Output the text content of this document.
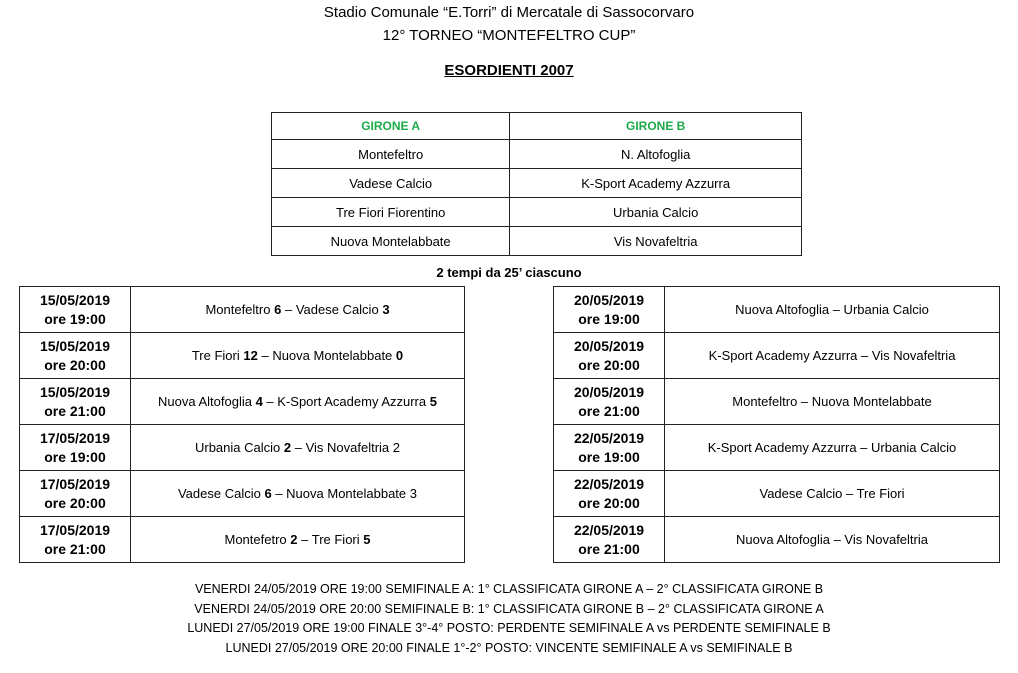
Stadio Comunale “E.Torri” di Mercatale di Sassocorvaro
12° TORNEO “MONTEFELTRO CUP”
ESORDIENTI 2007
GIRONE A	GIRONE B
Montefeltro	N. Altofoglia
Vadese Calcio	K-Sport Academy Azzurra
Tre Fiori Fiorentino	Urbania Calcio
Nuova Montelabbate	Vis Novafeltria
2 tempi da 25’ ciascuno
15/05/2019
ore 19:00	Montefeltro 6 – Vadese Calcio 3

15/05/2019
ore 20:00	Tre Fiori 12 – Nuova Montelabbate 0

15/05/2019
ore 21:00	Nuova Altofoglia 4 – K-Sport Academy Azzurra 5

17/05/2019
ore 19:00	Urbania Calcio 2 – Vis Novafeltria 2

17/05/2019
ore 20:00	Vadese Calcio 6 – Nuova Montelabbate 3

17/05/2019
ore 21:00	Montefetro 2 – Tre Fiori 5
20/05/2019
ore 19:00	Nuova Altofoglia – Urbania Calcio

20/05/2019
ore 20:00	K-Sport Academy Azzurra – Vis Novafeltria

20/05/2019
ore 21:00	Montefeltro – Nuova Montelabbate

22/05/2019
ore 19:00	K-Sport Academy Azzurra – Urbania Calcio

22/05/2019
ore 20:00	Vadese Calcio – Tre Fiori

22/05/2019
ore 21:00	Nuova Altofoglia – Vis Novafeltria
VENERDI 24/05/2019 ORE 19:00 SEMIFINALE A: 1° CLASSIFICATA GIRONE A – 2° CLASSIFICATA GIRONE B
VENERDI 24/05/2019 ORE 20:00 SEMIFINALE B: 1° CLASSIFICATA GIRONE B – 2° CLASSIFICATA GIRONE A
LUNEDI 27/05/2019 ORE 19:00 FINALE 3°-4° POSTO: PERDENTE SEMIFINALE A vs PERDENTE SEMIFINALE B
LUNEDI 27/05/2019 ORE 20:00 FINALE 1°-2° POSTO: VINCENTE SEMIFINALE A vs SEMIFINALE B
